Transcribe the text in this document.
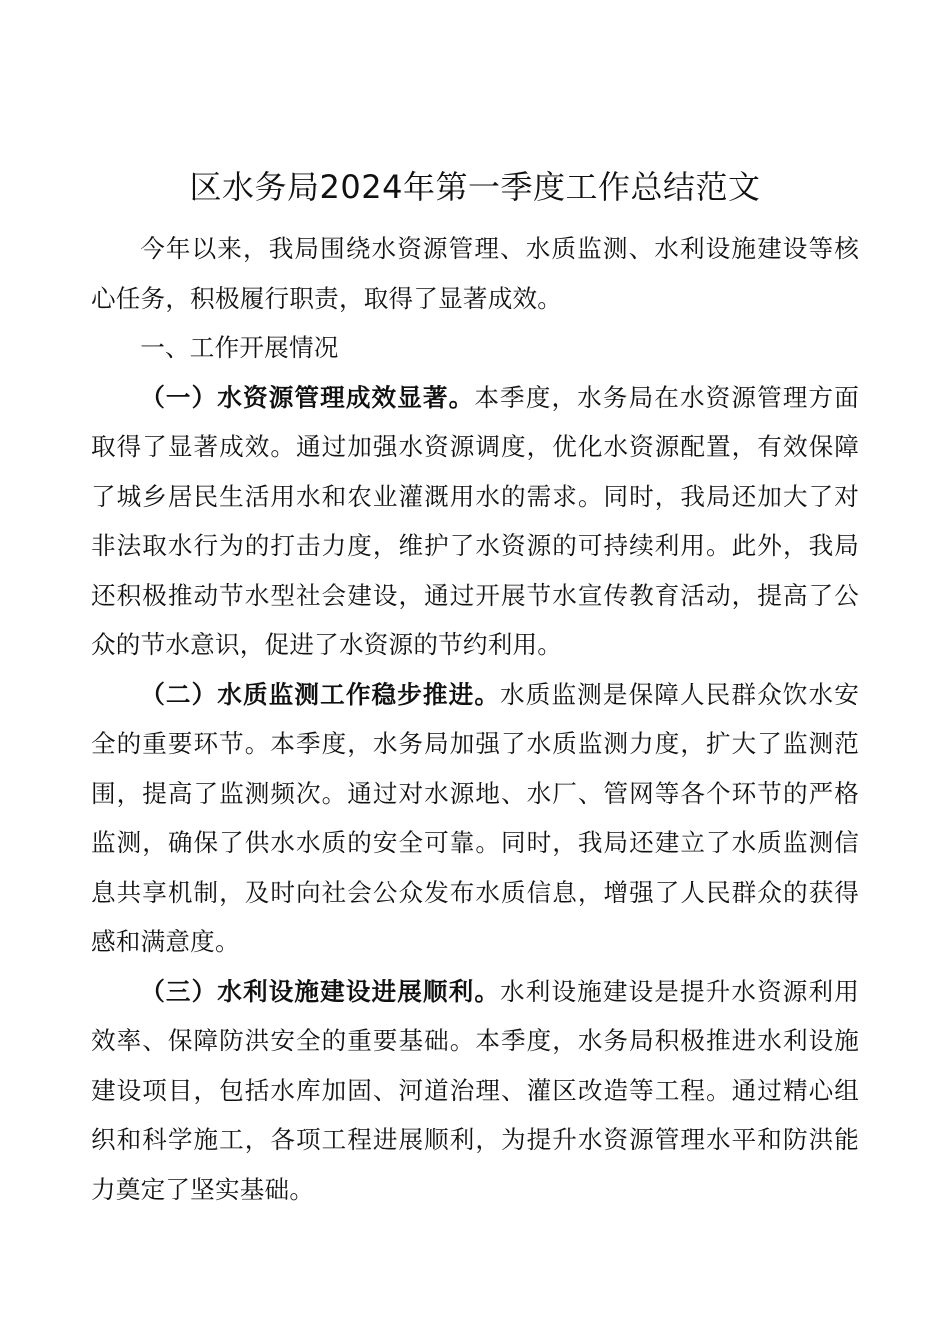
区水务局2024年第一季度工作总结范文

今年以来，我局围绕水资源管理、水质监测、水利设施建设等核心任务，积极履行职责，取得了显著成效。

一、工作开展情况

（一）水资源管理成效显著。本季度，水务局在水资源管理方面取得了显著成效。通过加强水资源调度，优化水资源配置，有效保障了城乡居民生活用水和农业灌溉用水的需求。同时，我局还加大了对非法取水行为的打击力度，维护了水资源的可持续利用。此外，我局还积极推动节水型社会建设，通过开展节水宣传教育活动，提高了公众的节水意识，促进了水资源的节约利用。

（二）水质监测工作稳步推进。水质监测是保障人民群众饮水安全的重要环节。本季度，水务局加强了水质监测力度，扩大了监测范围，提高了监测频次。通过对水源地、水厂、管网等各个环节的严格监测，确保了供水水质的安全可靠。同时，我局还建立了水质监测信息共享机制，及时向社会公众发布水质信息，增强了人民群众的获得感和满意度。

（三）水利设施建设进展顺利。水利设施建设是提升水资源利用效率、保障防洪安全的重要基础。本季度，水务局积极推进水利设施建设项目，包括水库加固、河道治理、灌区改造等工程。通过精心组织和科学施工，各项工程进展顺利，为提升水资源管理水平和防洪能力奠定了坚实基础。
